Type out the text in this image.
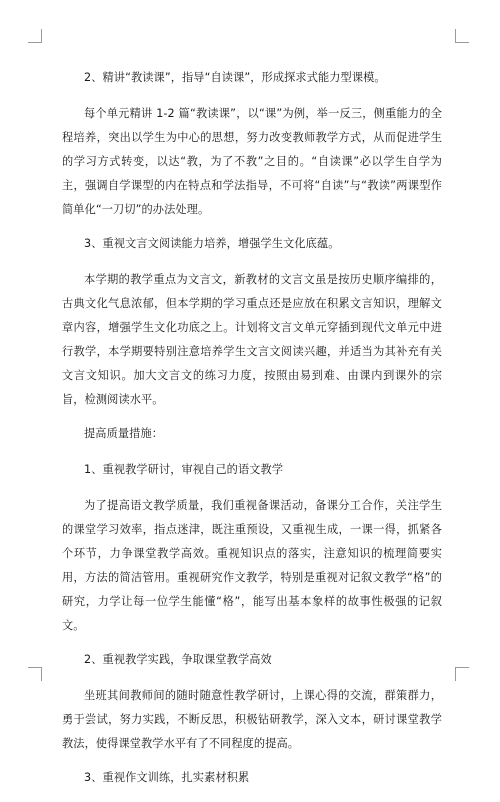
2、精讲“教读课”，指导“自读课”，形成探求式能力型课模。

每个单元精讲 1-2 篇“教读课”，以“课”为例，举一反三，侧重能力的全程培养，突出以学生为中心的思想，努力改变教师教学方式，从而促进学生的学习方式转变，以达“教，为了不教”之目的。“自读课”必以学生自学为主，强调自学课型的内在特点和学法指导，不可将“自读”与“教读”两课型作简单化“一刀切”的办法处理。

3、重视文言文阅读能力培养，增强学生文化底蕴。

本学期的教学重点为文言文，新教材的文言文虽是按历史顺序编排的，古典文化气息浓郁，但本学期的学习重点还是应放在积累文言知识，理解文章内容，增强学生文化功底之上。计划将文言文单元穿插到现代文单元中进行教学，本学期要特别注意培养学生文言文阅读兴趣，并适当为其补充有关文言文知识。加大文言文的练习力度，按照由易到难、由课内到课外的宗旨，检测阅读水平。

提高质量措施：

1、重视教学研讨，审视自己的语文教学

为了提高语文教学质量，我们重视备课活动，备课分工合作，关注学生的课堂学习效率，指点迷津，既注重预设，又重视生成，一课一得，抓紧各个环节，力争课堂教学高效。重视知识点的落实，注意知识的梳理简要实用，方法的简洁管用。重视研究作文教学，特别是重视对记叙文教学“格”的研究，力学让每一位学生能懂“格”，能写出基本象样的故事性极强的记叙文。

2、重视教学实践，争取课堂教学高效

坐班其间教师间的随时随意性教学研讨，上课心得的交流，群策群力，勇于尝试，努力实践，不断反思，积极钻研教学，深入文本，研讨课堂教学教法，使得课堂教学水平有了不同程度的提高。

3、重视作文训练，扎实素材积累
